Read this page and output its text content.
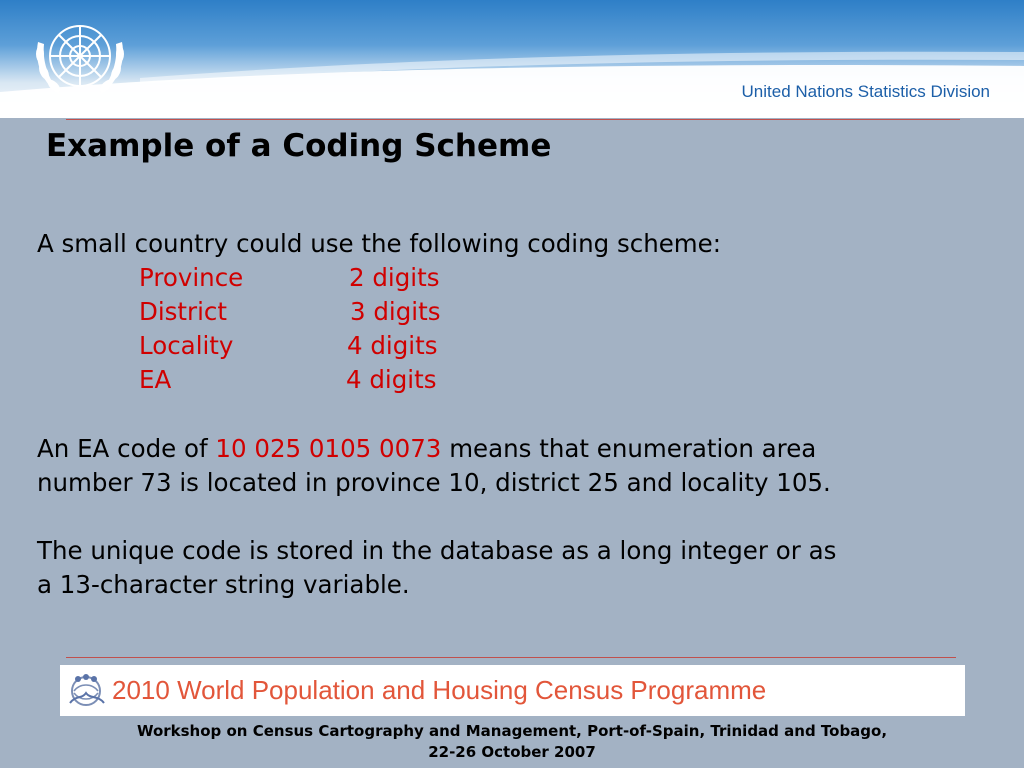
United Nations Statistics Division
Example of a Coding Scheme
A small country could use the following coding scheme:
Province	2 digits
District	3 digits
Locality	4 digits
EA	4 digits
An EA code of 10 025 0105 0073 means that enumeration area
number 73 is located in province 10, district 25 and locality 105.
The unique code is stored in the database as a long integer or as
a 13-character string variable.
2010 World Population and Housing Census Programme
Workshop on Census Cartography and Management, Port-of-Spain, Trinidad and Tobago,
22-26 October 2007
